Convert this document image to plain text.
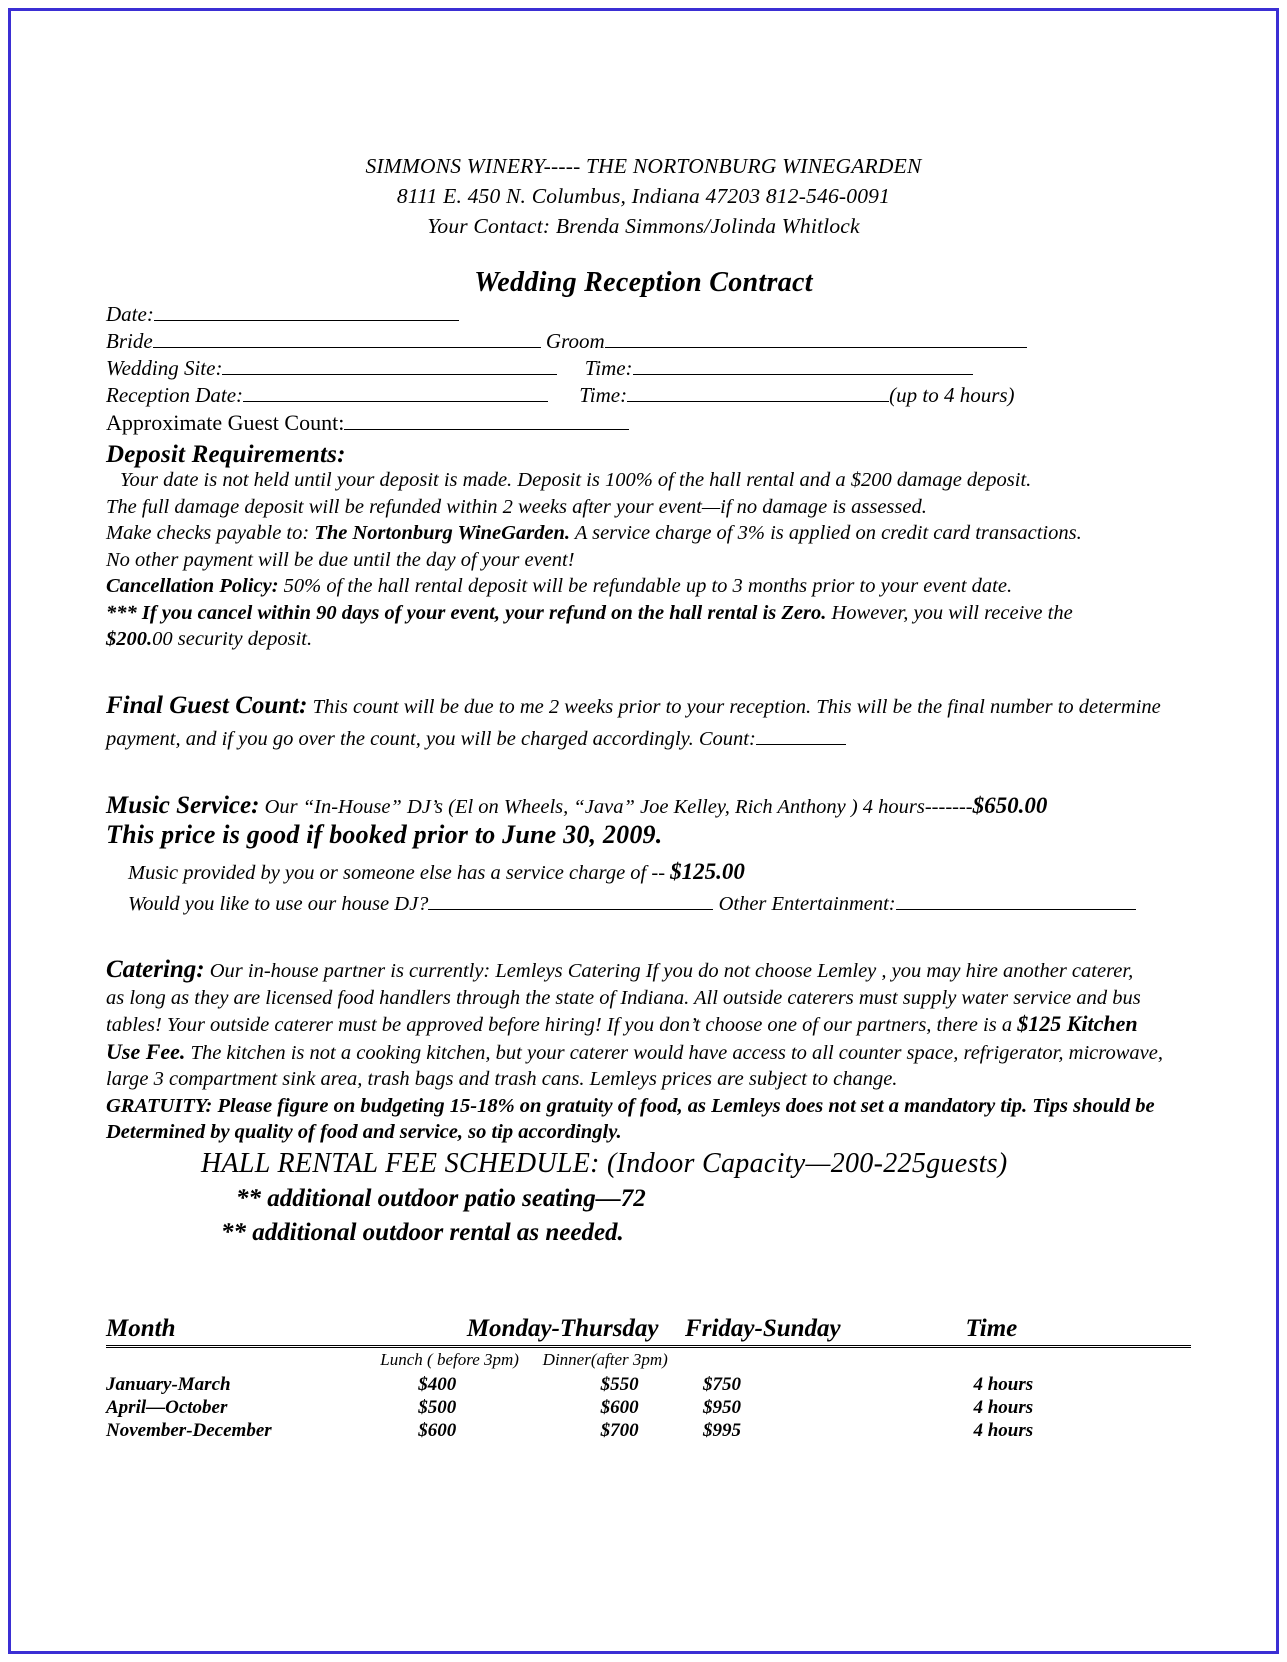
SIMMONS WINERY----- THE NORTONBURG WINEGARDEN
8111 E. 450 N. Columbus, Indiana 47203 812-546-0091
Your Contact: Brenda Simmons/Jolinda Whitlock
Wedding Reception Contract
Date:
Bride	Groom
Wedding Site:	Time:
Reception Date:	Time:	(up to 4 hours)
Approximate Guest Count:
Deposit Requirements:

Your date is not held until your deposit is made. Deposit is 100% of the hall rental and a $200 damage deposit.

The full damage deposit will be refunded within 2 weeks after your event—if no damage is assessed.

Make checks payable to: The Nortonburg WineGarden. A service charge of 3% is applied on credit card transactions.

No other payment will be due until the day of your event!

Cancellation Policy: 50% of the hall rental deposit will be refundable up to 3 months prior to your event date.

*** If you cancel within 90 days of your event, your refund on the hall rental is Zero. However, you will receive the

$200.00 security deposit.

Final Guest Count: This count will be due to me 2 weeks prior to your reception. This will be the final number to determine

payment, and if you go over the count, you will be charged accordingly. Count:

Music Service: Our “In-House” DJ’s (El on Wheels, “Java” Joe Kelley, Rich Anthony ) 4 hours-------$650.00

This price is good if booked prior to June 30, 2009.

Music provided by you or someone else has a service charge of -- $125.00

Would you like to use our house DJ?	Other Entertainment:

Catering: Our in-house partner is currently: Lemleys Catering If you do not choose Lemley , you may hire another caterer,

as long as they are licensed food handlers through the state of Indiana. All outside caterers must supply water service and bus

tables! Your outside caterer must be approved before hiring! If you don’t choose one of our partners, there is a $125 Kitchen

Use Fee. The kitchen is not a cooking kitchen, but your caterer would have access to all counter space, refrigerator, microwave,

large 3 compartment sink area, trash bags and trash cans. Lemleys prices are subject to change.

GRATUITY: Please figure on budgeting 15-18% on gratuity of food, as Lemleys does not set a mandatory tip. Tips should be

Determined by quality of food and service, so tip accordingly.

HALL RENTAL FEE SCHEDULE: (Indoor Capacity—200-225guests)
** additional outdoor patio seating—72
** additional outdoor rental as needed.
Month	Monday-Thursday		Friday-Sunday	Time
	Lunch ( before 3pm)	Dinner(after 3pm)		
January-March	$400	$550	$750	4 hours
April—October	$500	$600	$950	4 hours
November-December	$600	$700	$995	4 hours
